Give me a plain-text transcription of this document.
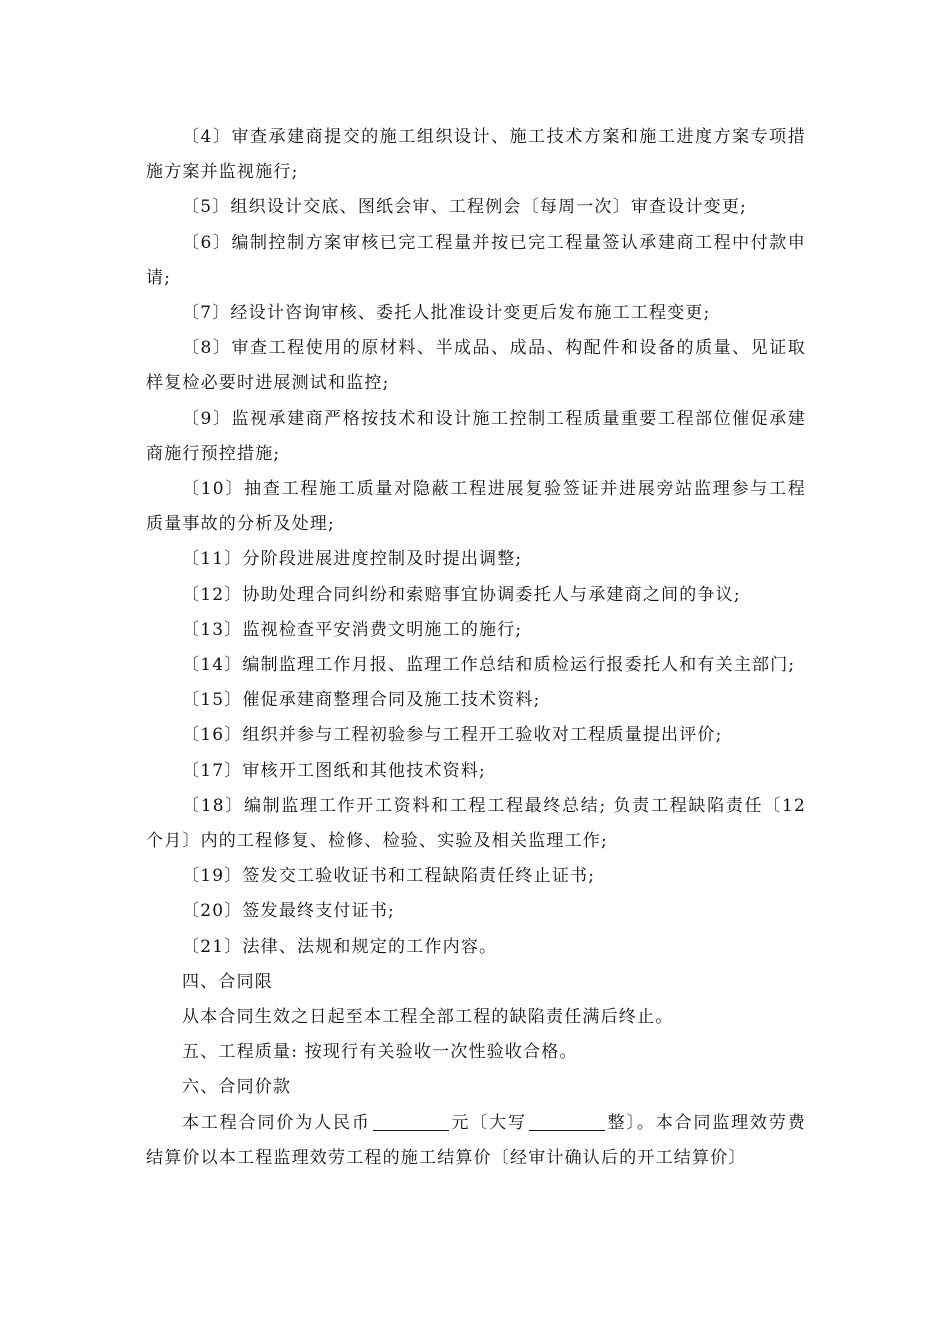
〔4〕审查承建商提交的施工组织设计、施工技术方案和施工进度方案专项措施方案并监视施行;

〔5〕组织设计交底、图纸会审、工程例会〔每周一次〕审查设计变更;

〔6〕编制控制方案审核已完工程量并按已完工程量签认承建商工程中付款申请;

〔7〕经设计咨询审核、委托人批准设计变更后发布施工工程变更;

〔8〕审查工程使用的原材料、半成品、成品、构配件和设备的质量、见证取样复检必要时进展测试和监控;

〔9〕监视承建商严格按技术和设计施工控制工程质量重要工程部位催促承建商施行预控措施;

〔10〕抽查工程施工质量对隐蔽工程进展复验签证并进展旁站监理参与工程质量事故的分析及处理;

〔11〕分阶段进展进度控制及时提出调整;

〔12〕协助处理合同纠纷和索赔事宜协调委托人与承建商之间的争议;

〔13〕监视检查平安消费文明施工的施行;

〔14〕编制监理工作月报、监理工作总结和质检运行报委托人和有关主部门;

〔15〕催促承建商整理合同及施工技术资料;

〔16〕组织并参与工程初验参与工程开工验收对工程质量提出评价;

〔17〕审核开工图纸和其他技术资料;

〔18〕编制监理工作开工资料和工程工程最终总结; 负责工程缺陷责任〔12个月〕内的工程修复、检修、检验、实验及相关监理工作;

〔19〕签发交工验收证书和工程缺陷责任终止证书;

〔20〕签发最终支付证书;

〔21〕法律、法规和规定的工作内容。

四、合同限

从本合同生效之日起至本工程全部工程的缺陷责任满后终止。

五、工程质量: 按现行有关验收一次性验收合格。

六、合同价款

本工程合同价为人民币	元〔大写	整〕。本合同监理效劳费结算价以本工程监理效劳工程的施工结算价〔经审计确认后的开工结算价〕
